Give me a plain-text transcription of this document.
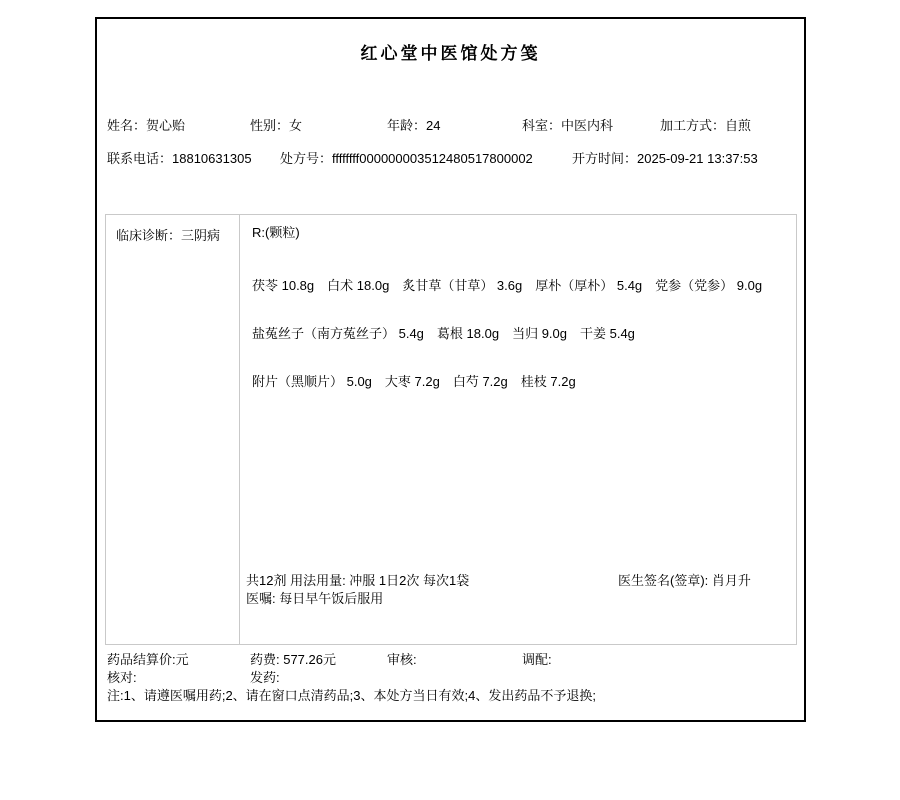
红心堂中医馆处方笺
姓名：贺心贻	性别：女	年龄：24	科室：中医内科	加工方式：自煎
联系电话：18810631305 处方号：ffffffff000000003512480517800002	开方时间：2025-09-21 13:37:53
临床诊断：三阴病	R:(颗粒)
茯苓 10.8g 白术 18.0g 炙甘草（甘草） 3.6g 厚朴（厚朴） 5.4g 党参（党参） 9.0g
盐菟丝子（南方菟丝子） 5.4g 葛根 18.0g 当归 9.0g 干姜 5.4g
附片（黑顺片） 5.0g 大枣 7.2g 白芍 7.2g 桂枝 7.2g
共12剂 用法用量: 冲服 1日2次 每次1袋	医生签名(签章): 肖月升
医嘱: 每日早午饭后服用
药品结算价:元	药费: 577.26元	审核:	调配:
核对:	发药:
注:1、请遵医嘱用药;2、请在窗口点清药品;3、本处方当日有效;4、发出药品不予退换;
